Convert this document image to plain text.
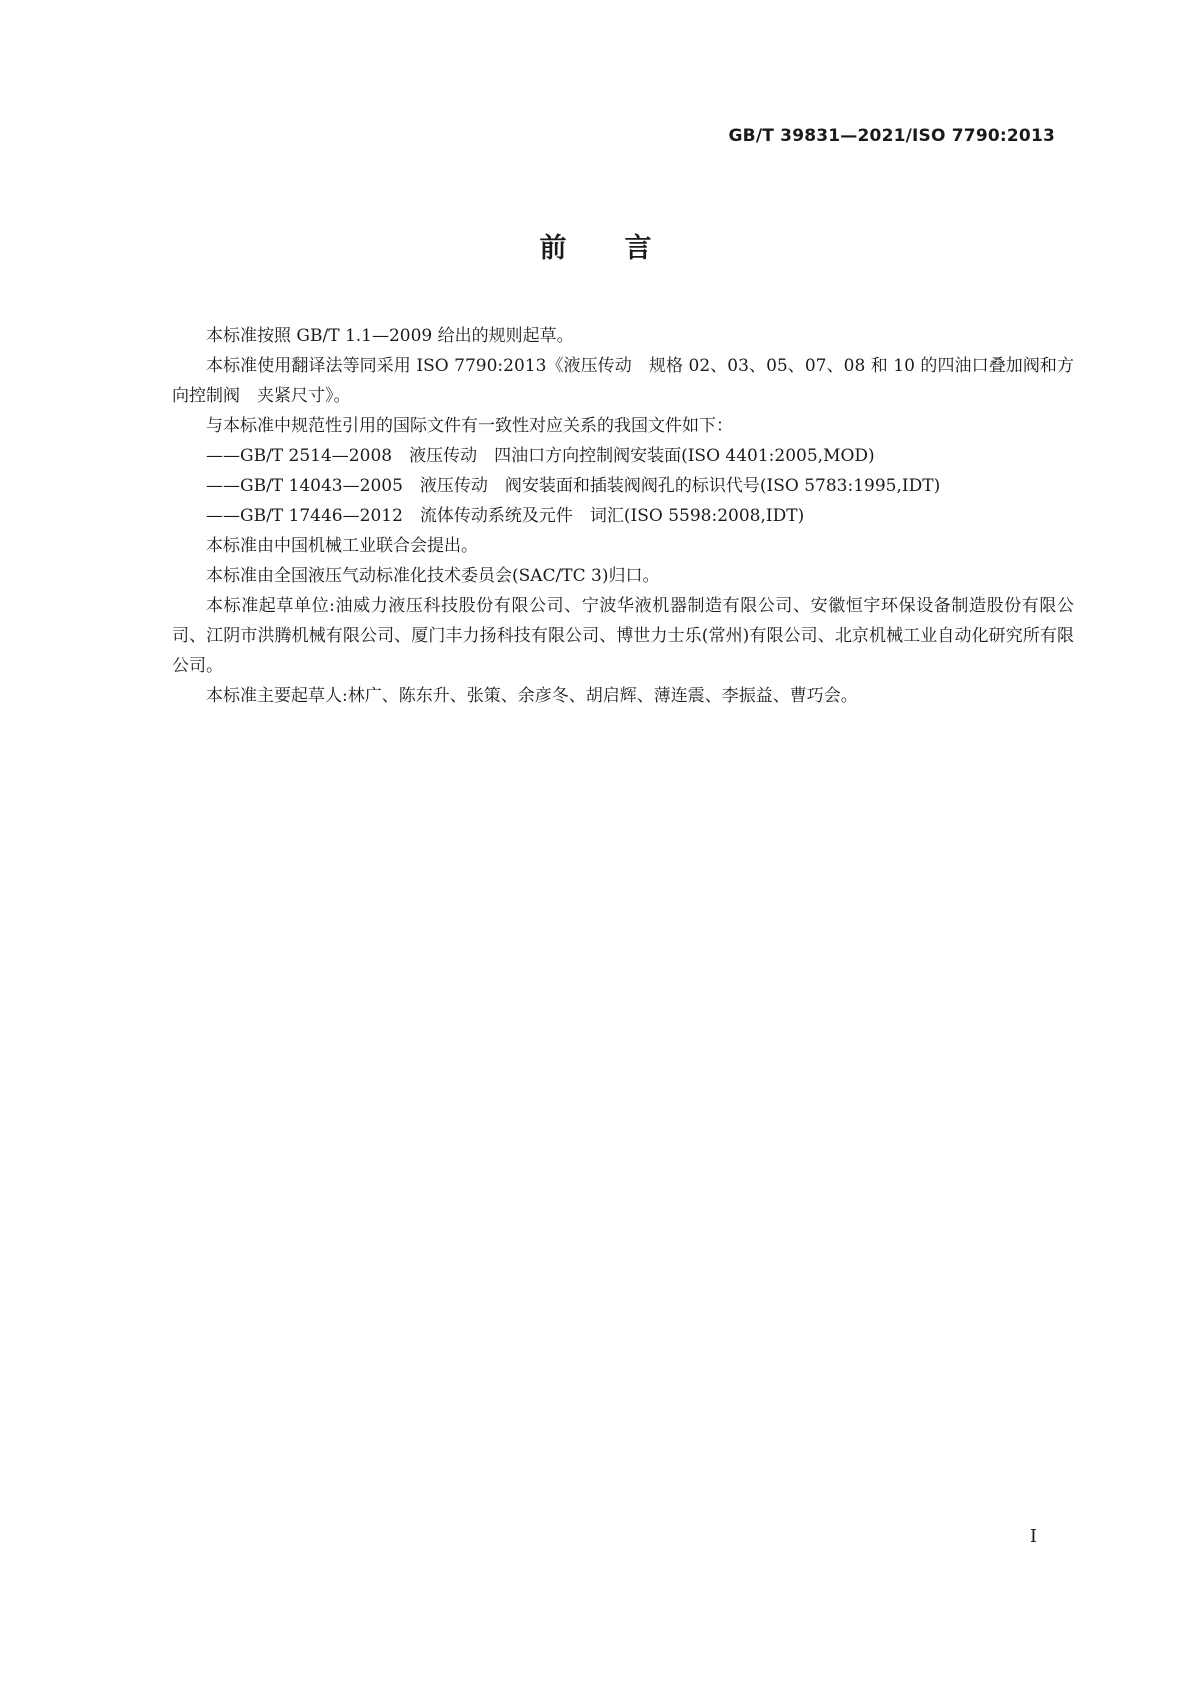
GB/T 39831—2021/ISO 7790:2013
前言

本标准按照 GB/T 1.1—2009 给出的规则起草。

本标准使用翻译法等同采用 ISO 7790:2013《液压传动　规格 02、03、05、07、08 和 10 的四油口叠加阀和方向控制阀　夹紧尺寸》。

与本标准中规范性引用的国际文件有一致性对应关系的我国文件如下：

——GB/T 2514—2008　液压传动　四油口方向控制阀安装面(ISO 4401:2005,MOD)

——GB/T 14043—2005　液压传动　阀安装面和插装阀阀孔的标识代号(ISO 5783:1995,IDT)

——GB/T 17446—2012　流体传动系统及元件　词汇(ISO 5598:2008,IDT)

本标准由中国机械工业联合会提出。

本标准由全国液压气动标准化技术委员会(SAC/TC 3)归口。

本标准起草单位:油威力液压科技股份有限公司、宁波华液机器制造有限公司、安徽恒宇环保设备制造股份有限公司、江阴市洪腾机械有限公司、厦门丰力扬科技有限公司、博世力士乐(常州)有限公司、北京机械工业自动化研究所有限公司。

本标准主要起草人:林广、陈东升、张策、余彦冬、胡启辉、薄连震、李振益、曹巧会。

I
